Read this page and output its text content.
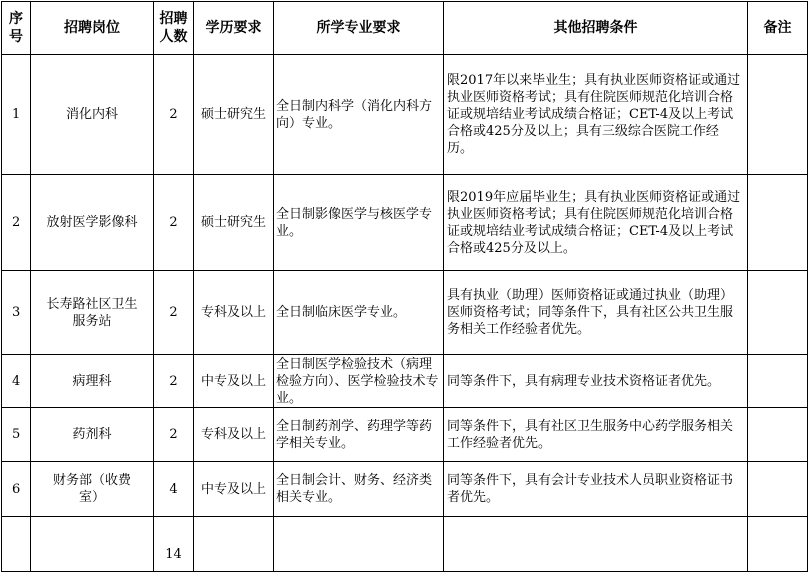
序号	招聘岗位	招聘人数	学历要求	所学专业要求	其他招聘条件	备注
1	消化内科	2	硕士研究生	全日制内科学（消化内科方向）专业。	限2017年以来毕业生；具有执业医师资格证或通过执业医师资格考试；具有住院医师规范化培训合格证或规培结业考试成绩合格证；CET-4及以上考试合格或425分及以上；具有三级综合医院工作经历。	
2	放射医学影像科	2	硕士研究生	全日制影像医学与核医学专业。	限2019年应届毕业生；具有执业医师资格证或通过执业医师资格考试；具有住院医师规范化培训合格证或规培结业考试成绩合格证；CET-4及以上考试合格或425分及以上。	
3	长寿路社区卫生服务站	2	专科及以上	全日制临床医学专业。	具有执业（助理）医师资格证或通过执业（助理）医师资格考试；同等条件下，具有社区公共卫生服务相关工作经验者优先。	
4	病理科	2	中专及以上	全日制医学检验技术（病理检验方向）、医学检验技术专业。	同等条件下，具有病理专业技术资格证者优先。	
5	药剂科	2	专科及以上	全日制药剂学、药理学等药学相关专业。	同等条件下，具有社区卫生服务中心药学服务相关工作经验者优先。	
6	财务部（收费室）	4	中专及以上	全日制会计、财务、经济类相关专业。	同等条件下，具有会计专业技术人员职业资格证书者优先。	
		14				
